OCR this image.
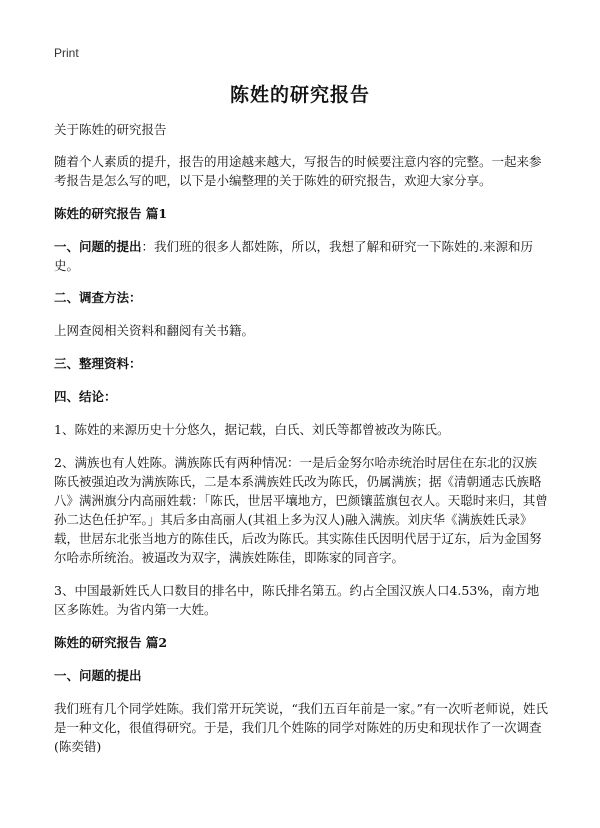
Print
陈姓的研究报告

关于陈姓的研究报告

随着个人素质的提升，报告的用途越来越大，写报告的时候要注意内容的完整。一起来参考报告是怎么写的吧，以下是小编整理的关于陈姓的研究报告，欢迎大家分享。

陈姓的研究报告 篇1

一、问题的提出：我们班的很多人都姓陈，所以，我想了解和研究一下陈姓的.来源和历史。

二、调查方法：

上网查阅相关资料和翻阅有关书籍。

三、整理资料：

四、结论：

1、陈姓的来源历史十分悠久，据记载，白氏、刘氏等都曾被改为陈氏。

2、满族也有人姓陈。满族陈氏有两种情况：一是后金努尔哈赤统治时居住在东北的汉族陈氏被强迫改为满族陈氏，二是本系满族姓氏改为陈氏，仍属满族；据《清朝通志氏族略八》满洲旗分内高丽姓载：「陈氏，世居平壤地方，巴颜镶蓝旗包衣人。天聪时来归，其曾孙二达色任护军。」其后多由高丽人(其祖上多为汉人)融入满族。刘庆华《满族姓氏录》载，世居东北张当地方的陈佳氏，后改为陈氏。其实陈佳氏因明代居于辽东，后为金国努尔哈赤所统治。被逼改为双字，满族姓陈佳，即陈家的同音字。

3、中国最新姓氏人口数目的排名中，陈氏排名第五。约占全国汉族人口4.53%，南方地区多陈姓。为省内第一大姓。

陈姓的研究报告 篇2

一、问题的提出

我们班有几个同学姓陈。我们常开玩笑说，“我们五百年前是一家。”有一次听老师说，姓氏是一种文化，很值得研究。于是，我们几个姓陈的同学对陈姓的历史和现状作了一次调查(陈奕错)
